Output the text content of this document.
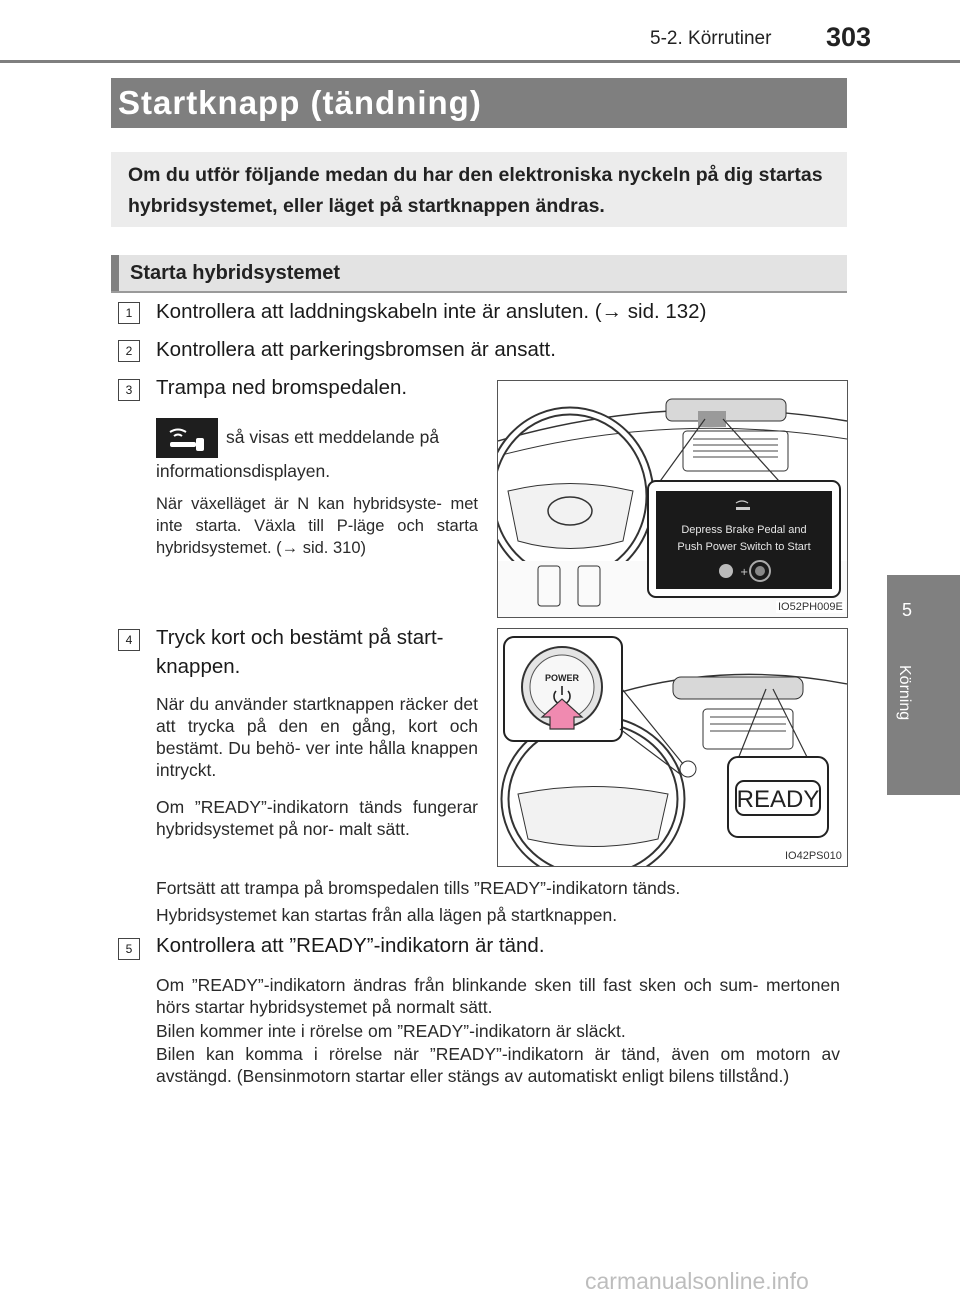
5-2. Körrutiner 303
5
Körning
Startknapp (tändning)
Om du utför följande medan du har den elektroniska nyckeln på dig startas hybridsystemet, eller läget på startknappen ändras.
Starta hybridsystemet
1	Kontrollera att laddningskabeln inte är ansluten. (→ sid. 132)
2	Kontrollera att parkeringsbromsen är ansatt.
3	Trampa ned bromspedalen.
så visas ett meddelande på
informationsdisplayen.
När växelläget är N kan hybridsyste- met inte starta. Växla till P-läge och starta hybridsystemet. (→ sid. 310)
Depress Brake Pedal and
Push Power Switch to Start
+
IO52PH009E
4	Tryck kort och bestämt på start-
knappen.
När du använder startknappen räcker det att trycka på den en gång, kort och bestämt. Du behö- ver inte hålla knappen intryckt.
Om ”READY”-indikatorn tänds fungerar hybridsystemet på nor- malt sätt.
Fortsätt att trampa på bromspedalen tills ”READY”-indikatorn tänds.
Hybridsystemet kan startas från alla lägen på startknappen.
POWER
READY
IO42PS010
5	Kontrollera att ”READY”-indikatorn är tänd.
Om ”READY”-indikatorn ändras från blinkande sken till fast sken och sum- mertonen hörs startar hybridsystemet på normalt sätt.
Bilen kommer inte i rörelse om ”READY”-indikatorn är släckt.
Bilen kan komma i rörelse när ”READY”-indikatorn är tänd, även om motorn av avstängd. (Bensinmotorn startar eller stängs av automatiskt enligt bilens tillstånd.)
carmanualsonline.info
